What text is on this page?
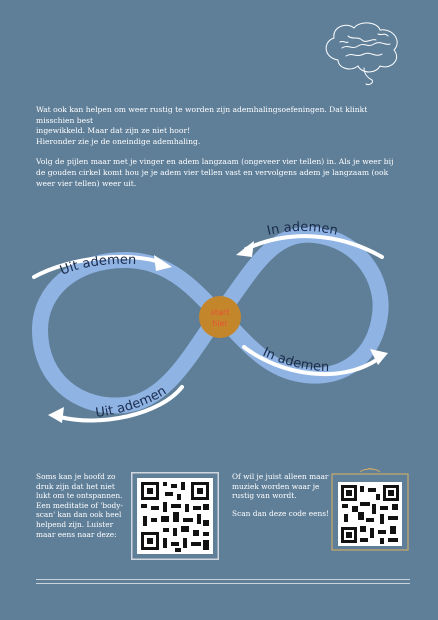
Wat ook kan helpen om weer rustig te worden zijn ademhalingsoefeningen. Dat klinkt misschien best
ingewikkeld. Maar dat zijn ze niet hoor!
Hieronder zie je de oneindige ademhaling.

Volg de pijlen maar met je vinger en adem langzaam (ongeveer vier tellen) in. Als je weer bij de gouden cirkel komt hou je je adem vier tellen vast en vervolgens adem je langzaam (ook weer vier tellen) weer uit.

In ademen
In ademen
Uit ademen
Uit ademen
start
hier

Soms kan je hoofd zo druk zijn dat het niet lukt om te ontspannen. Een meditatie of 'body-scan' kan dan ook heel helpend zijn. Luister maar eens naar deze:

Of wil je juist alleen maar muziek worden waar je rustig van wordt.

Scan dan deze code eens!
